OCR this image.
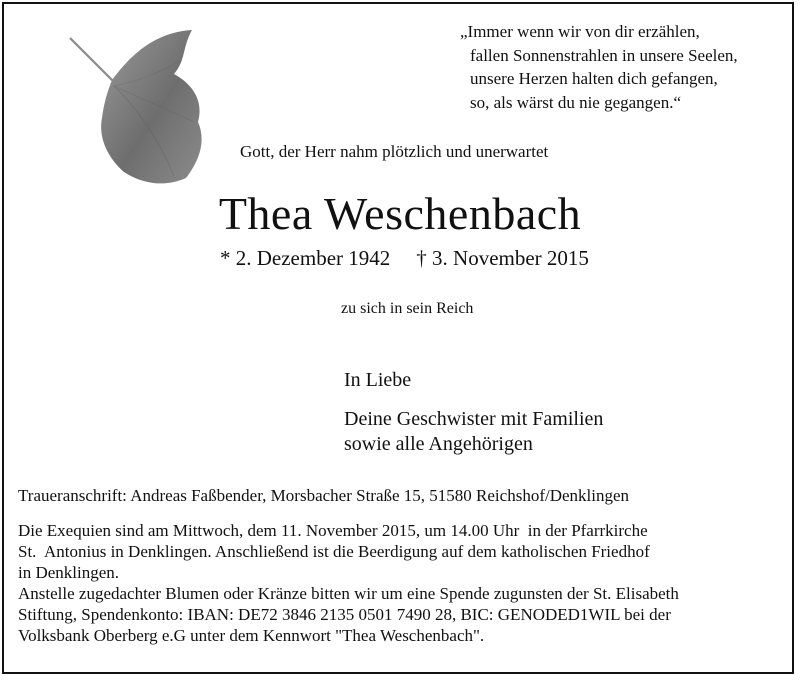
„Immer wenn wir von dir erzählen,
fallen Sonnenstrahlen in unsere Seelen,
unsere Herzen halten dich gefangen,
so, als wärst du nie gegangen.“
Gott, der Herr nahm plötzlich und unerwartet
Thea Weschenbach
* 2. Dezember 1942 † 3. November 2015
zu sich in sein Reich
In Liebe
Deine Geschwister mit Familien
sowie alle Angehörigen
Traueranschrift: Andreas Faßbender, Morsbacher Straße 15, 51580 Reichshof/Denklingen
Die Exequien sind am Mittwoch, dem 11. November 2015, um 14.00 Uhr  in der Pfarrkirche
St.  Antonius in Denklingen. Anschließend ist die Beerdigung auf dem katholischen Friedhof
in Denklingen.
Anstelle zugedachter Blumen oder Kränze bitten wir um eine Spende zugunsten der St. Elisabeth
Stiftung, Spendenkonto: IBAN: DE72 3846 2135 0501 7490 28, BIC: GENODED1WIL bei der
Volksbank Oberberg e.G unter dem Kennwort "Thea Weschenbach".
